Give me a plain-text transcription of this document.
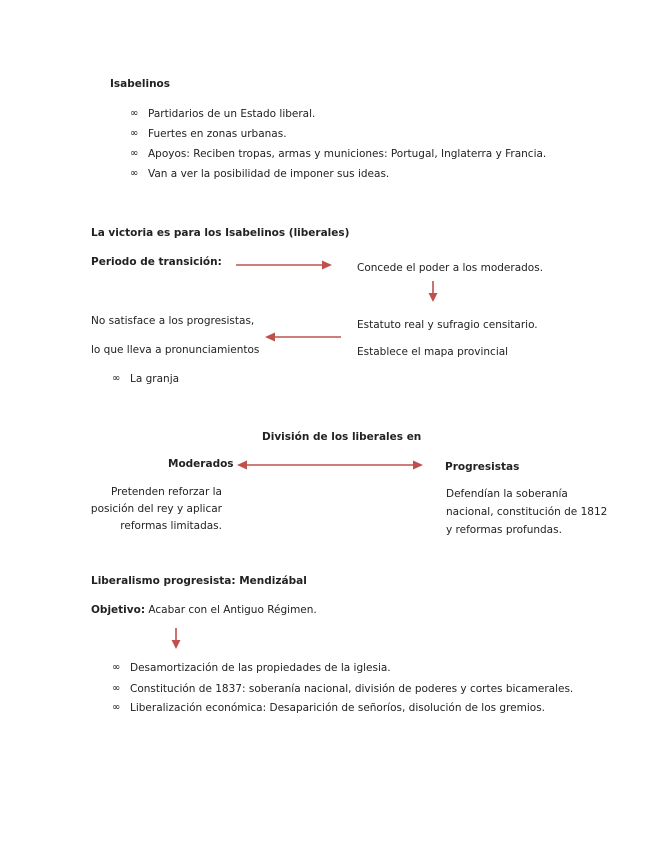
Isabelinos
∞ Partidarios de un Estado liberal.
∞ Fuertes en zonas urbanas.
∞ Apoyos: Reciben tropas, armas y municiones: Portugal, Inglaterra y Francia.
∞ Van a ver la posibilidad de imponer sus ideas.
La victoria es para los Isabelinos (liberales)
Periodo de transición:	Concede el poder a los moderados.
Estatuto real y sufragio censitario.
Establece el mapa provincial
No satisface a los progresistas,
lo que lleva a pronunciamientos
∞ La granja
División de los liberales en
Moderados	Progresistas
Pretenden reforzar la
posición del rey y aplicar
reformas limitadas.
Defendían la soberanía
nacional, constitución de 1812
y reformas profundas.
Liberalismo progresista: Mendizábal
Objetivo: Acabar con el Antiguo Régimen.
∞ Desamortización de las propiedades de la iglesia.
∞ Constitución de 1837: soberanía nacional, división de poderes y cortes bicamerales.
∞ Liberalización económica: Desaparición de señoríos, disolución de los gremios.
